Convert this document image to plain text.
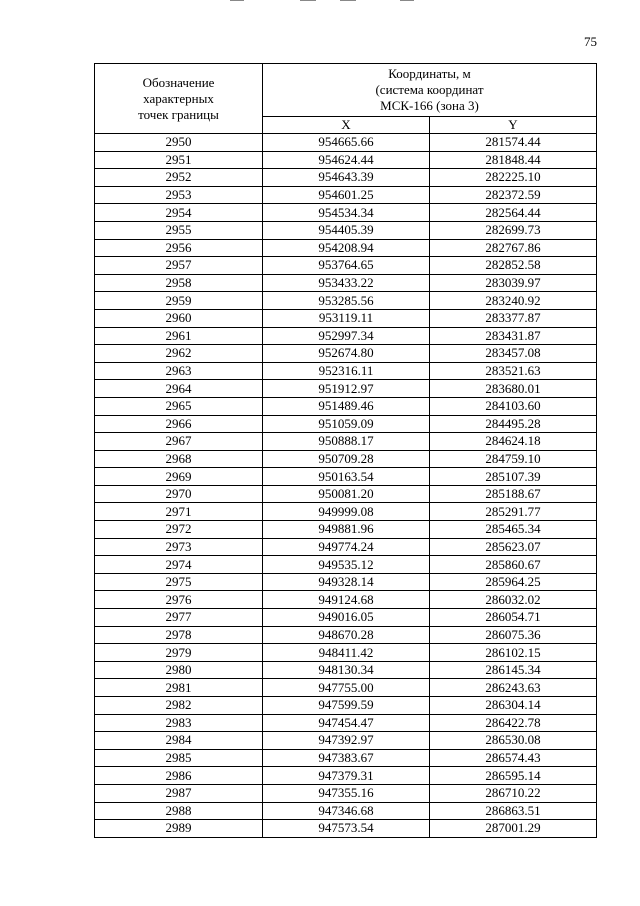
75
Обозначение
характерных
точек границы	Координаты, м
(система координат
МСК-166 (зона 3)	

	X	Y
2950	954665.66	281574.44
2951	954624.44	281848.44
2952	954643.39	282225.10
2953	954601.25	282372.59
2954	954534.34	282564.44
2955	954405.39	282699.73
2956	954208.94	282767.86
2957	953764.65	282852.58
2958	953433.22	283039.97
2959	953285.56	283240.92
2960	953119.11	283377.87
2961	952997.34	283431.87
2962	952674.80	283457.08
2963	952316.11	283521.63
2964	951912.97	283680.01
2965	951489.46	284103.60
2966	951059.09	284495.28
2967	950888.17	284624.18
2968	950709.28	284759.10
2969	950163.54	285107.39
2970	950081.20	285188.67
2971	949999.08	285291.77
2972	949881.96	285465.34
2973	949774.24	285623.07
2974	949535.12	285860.67
2975	949328.14	285964.25
2976	949124.68	286032.02
2977	949016.05	286054.71
2978	948670.28	286075.36
2979	948411.42	286102.15
2980	948130.34	286145.34
2981	947755.00	286243.63
2982	947599.59	286304.14
2983	947454.47	286422.78
2984	947392.97	286530.08
2985	947383.67	286574.43
2986	947379.31	286595.14
2987	947355.16	286710.22
2988	947346.68	286863.51
2989	947573.54	287001.29
